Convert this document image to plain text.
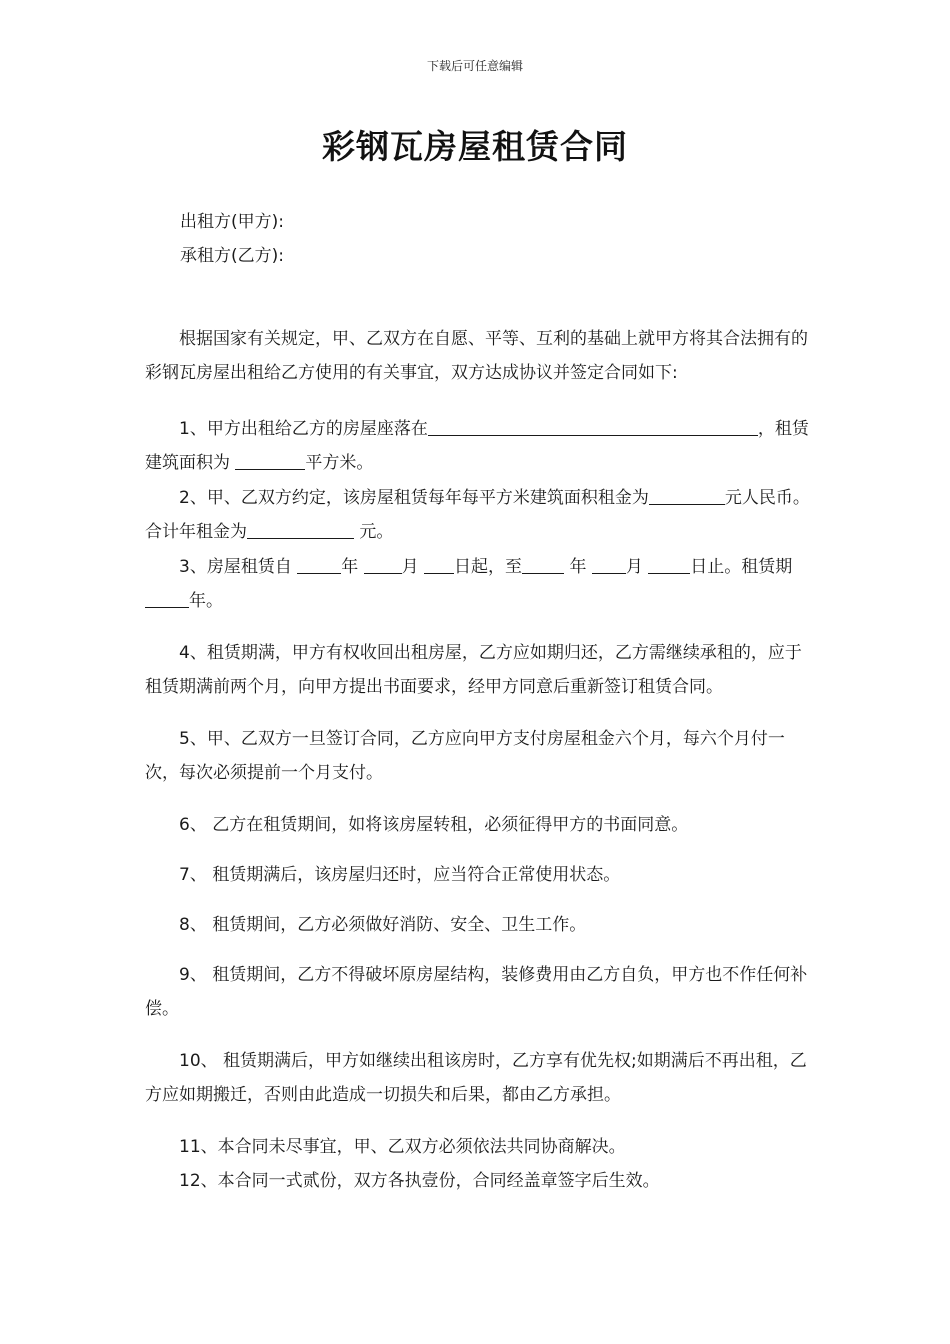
下载后可任意编辑
彩钢瓦房屋租赁合同
出租方(甲方):
承租方(乙方):

根据国家有关规定，甲、乙双方在自愿、平等、互利的基础上就甲方将其合法拥有的彩钢瓦房屋出租给乙方使用的有关事宜，双方达成协议并签定合同如下:

1、甲方出租给乙方的房屋座落在	，租赁建筑面积为	平方米。

2、甲、乙双方约定，该房屋租赁每年每平方米建筑面积租金为	元人民币。合计年租金为	元。

3、房屋租赁自	年 月 日起，至 年 月 日止。租赁期 年。

4、租赁期满，甲方有权收回出租房屋，乙方应如期归还，乙方需继续承租的，应于租赁期满前两个月，向甲方提出书面要求，经甲方同意后重新签订租赁合同。

5、甲、乙双方一旦签订合同，乙方应向甲方支付房屋租金六个月，每六个月付一次，每次必须提前一个月支付。

6、 乙方在租赁期间，如将该房屋转租，必须征得甲方的书面同意。

7、 租赁期满后，该房屋归还时，应当符合正常使用状态。

8、 租赁期间，乙方必须做好消防、安全、卫生工作。

9、 租赁期间，乙方不得破坏原房屋结构，装修费用由乙方自负，甲方也不作任何补偿。

10、 租赁期满后，甲方如继续出租该房时，乙方享有优先权;如期满后不再出租，乙方应如期搬迁，否则由此造成一切损失和后果，都由乙方承担。

11、本合同未尽事宜，甲、乙双方必须依法共同协商解决。

12、本合同一式贰份，双方各执壹份，合同经盖章签字后生效。
